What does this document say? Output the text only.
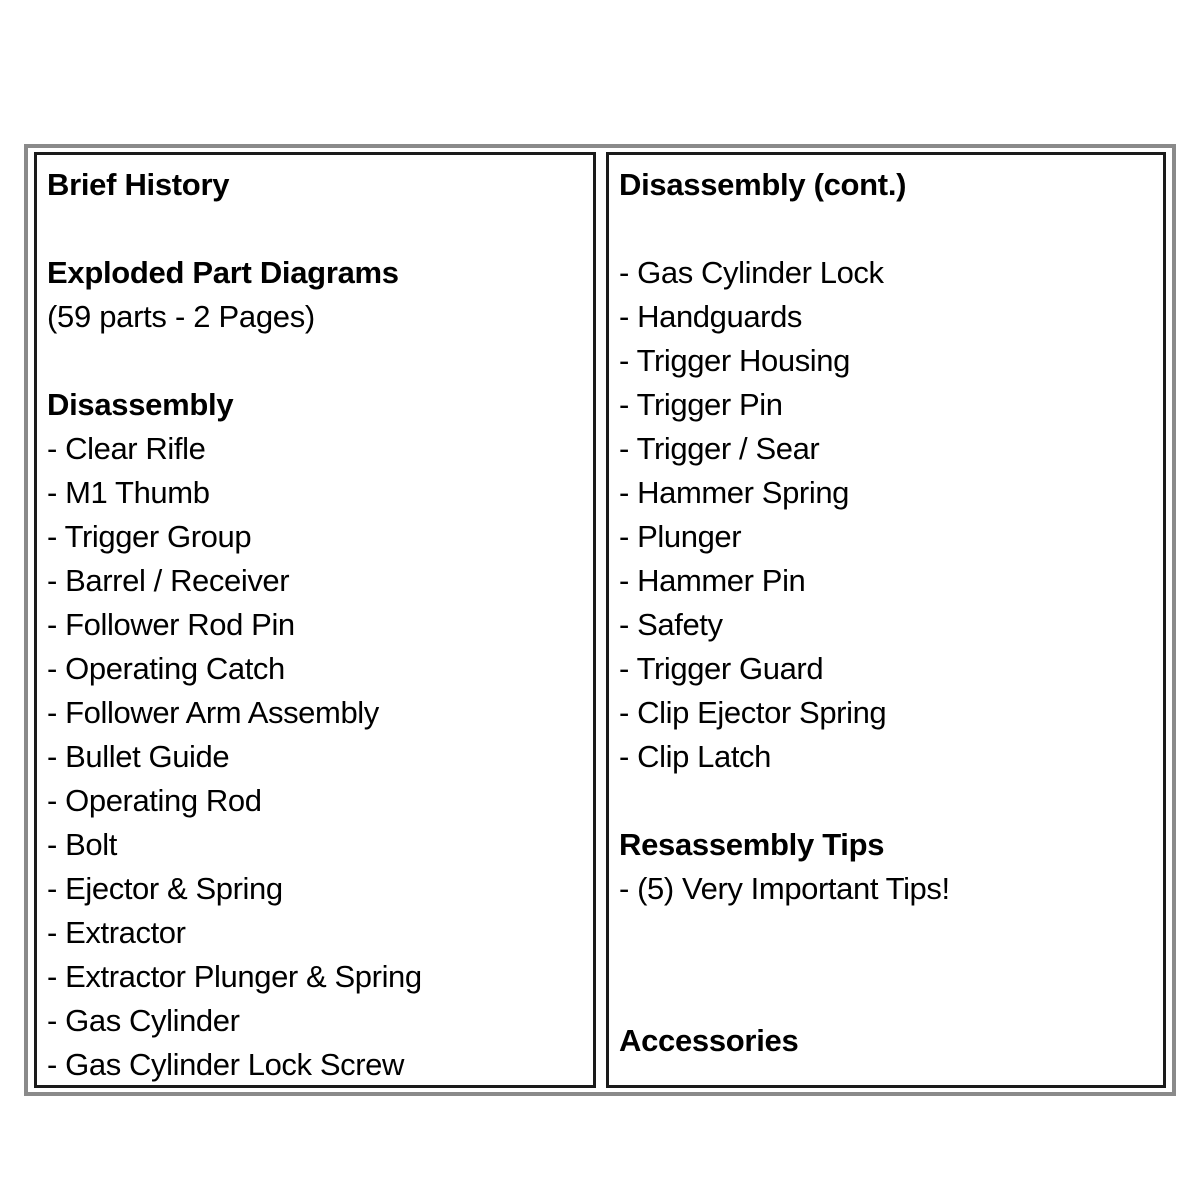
Brief History
Exploded Part Diagrams
(59 parts - 2 Pages)
Disassembly
- Clear Rifle
- M1 Thumb
- Trigger Group
- Barrel / Receiver
- Follower Rod Pin
- Operating Catch
- Follower Arm Assembly
- Bullet Guide
- Operating Rod
- Bolt
- Ejector & Spring
- Extractor
- Extractor Plunger & Spring
- Gas Cylinder
- Gas Cylinder Lock Screw
Disassembly (cont.)
- Gas Cylinder Lock
- Handguards
- Trigger Housing
- Trigger Pin
- Trigger / Sear
- Hammer Spring
- Plunger
- Hammer Pin
- Safety
- Trigger Guard
- Clip Ejector Spring
- Clip Latch
Resassembly Tips
- (5) Very Important Tips!
Accessories
